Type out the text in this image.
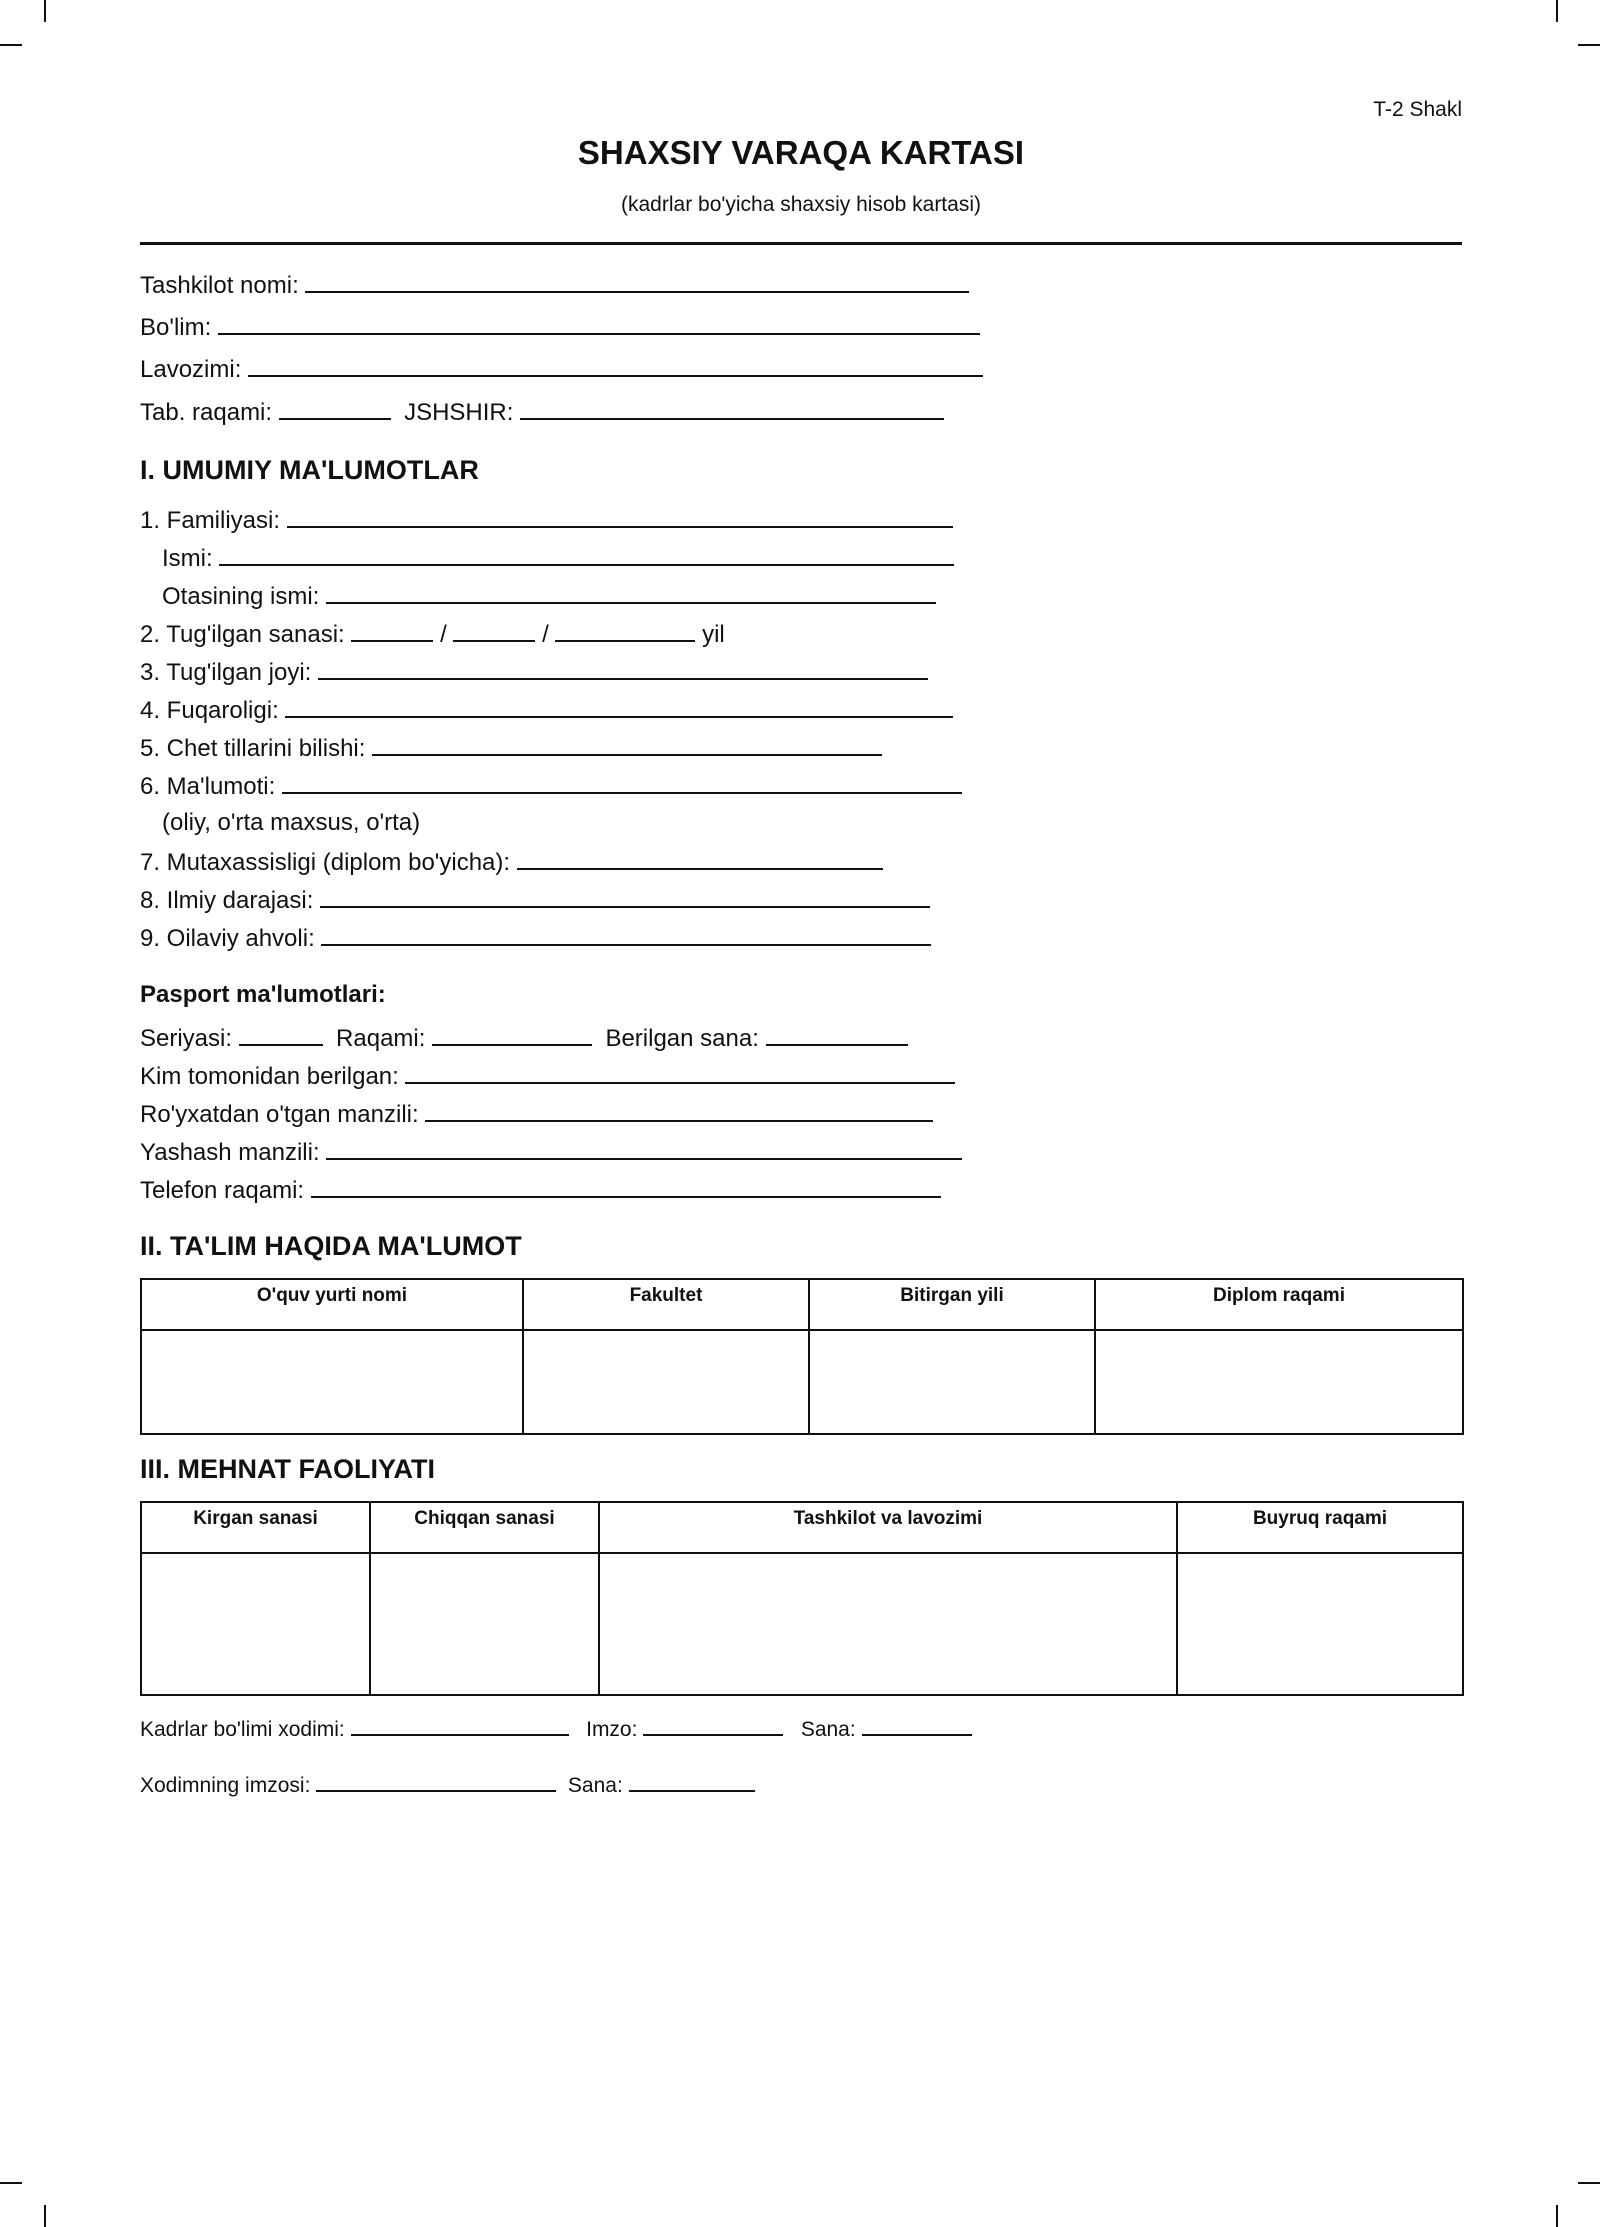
T-2 Shakl
SHAXSIY VARAQA KARTASI
(kadrlar bo'yicha shaxsiy hisob kartasi)
Tashkilot nomi:
Bo'lim:
Lavozimi:
Tab. raqami:	JSHSHIR:
I. UMUMIY MA'LUMOTLAR
1. Familiyasi:
Ismi:
Otasining ismi:
2. Tug'ilgan sanasi:	/	/	yil
3. Tug'ilgan joyi:
4. Fuqaroligi:
5. Chet tillarini bilishi:
6. Ma'lumoti:
(oliy, o'rta maxsus, o'rta)
7. Mutaxassisligi (diplom bo'yicha):
8. Ilmiy darajasi:
9. Oilaviy ahvoli:
Pasport ma'lumotlari:
Seriyasi:	Raqami:	Berilgan sana:
Kim tomonidan berilgan:
Ro'yxatdan o'tgan manzili:
Yashash manzili:
Telefon raqami:
II. TA'LIM HAQIDA MA'LUMOT
O'quv yurti nomi	Fakultet	Bitirgan yili	Diplom raqami

III. MEHNAT FAOLIYATI
Kirgan sanasi	Chiqqan sanasi	Tashkilot va lavozimi	Buyruq raqami

Kadrlar bo'limi xodimi:	Imzo:	Sana:
Xodimning imzosi:	Sana:
